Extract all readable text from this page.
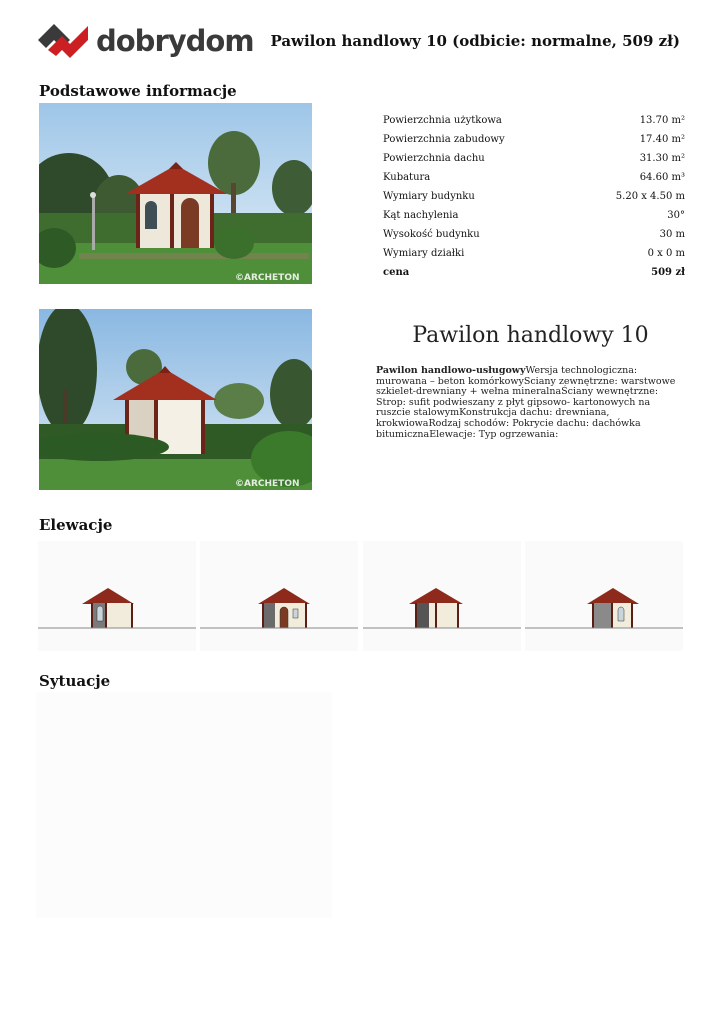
dobrydom	Pawilon handlowy 10 (odbicie: normalne, 509 zł)
Podstawowe informacje
©ARCHETON
Powierzchnia użytkowa	13.70 m²
Powierzchnia zabudowy	17.40 m²
Powierzchnia dachu	31.30 m²
Kubatura	64.60 m³
Wymiary budynku	5.20 x 4.50 m
Kąt nachylenia	30°
Wysokość budynku	30 m
Wymiary działki	0 x 0 m
cena	509 zł
©ARCHETON
Pawilon handlowy 10
Pawilon handlowo-usługowyWersja technologiczna: murowana – beton komórkowySciany zewnętrzne: warstwowe szkielet-drewniany + wełna mineralnaŚciany wewnętrzne: Strop: sufit podwieszany z płyt gipsowo- kartonowych na ruszcie stalowymKonstrukcja dachu: drewniana, krokwiowaRodzaj schodów: Pokrycie dachu: dachówka bitumicznaElewacje: Typ ogrzewania:
Elewacje
Sytuacje
